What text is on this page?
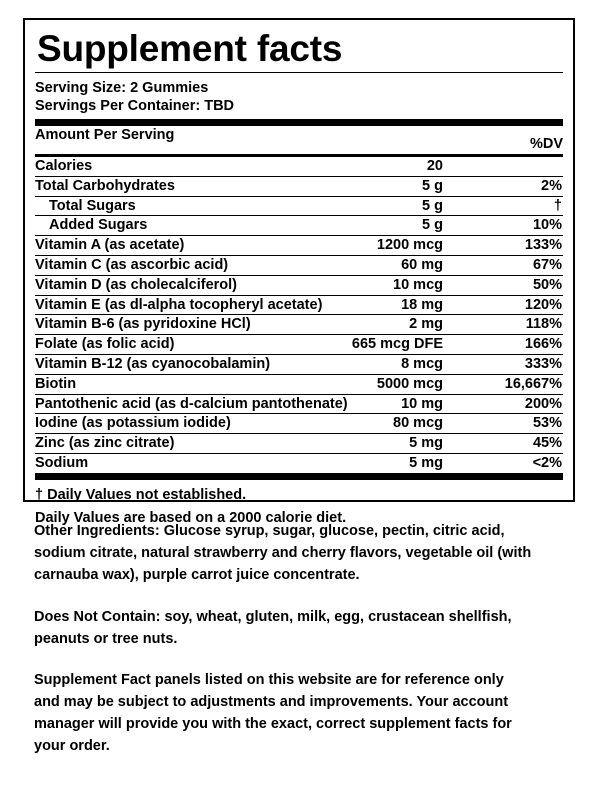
Supplement facts
Serving Size: 2 Gummies
Servings Per Container: TBD
Amount Per Serving
%DV
Calories	20
Total Carbohydrates	5 g	2%
Total Sugars	5 g	†
Added Sugars	5 g	10%
Vitamin A (as acetate)	1200 mcg	133%
Vitamin C (as ascorbic acid)	60 mg	67%
Vitamin D (as cholecalciferol)	10 mcg	50%
Vitamin E (as dl-alpha tocopheryl acetate)	18 mg	120%
Vitamin B-6 (as pyridoxine HCl)	2 mg	118%
Folate (as folic acid)	665 mcg DFE	166%
Vitamin B-12 (as cyanocobalamin)	8 mcg	333%
Biotin	5000 mcg	16,667%
Pantothenic acid (as d-calcium pantothenate)	10 mg	200%
Iodine (as potassium iodide)	80 mcg	53%
Zinc (as zinc citrate)	5 mg	45%
Sodium	5 mg	<2%
† Daily Values not established.
Daily Values are based on a 2000 calorie diet.

Other Ingredients: Glucose syrup, sugar, glucose, pectin, citric acid,

sodium citrate, natural strawberry and cherry flavors, vegetable oil (with

carnauba wax), purple carrot juice concentrate.

Does Not Contain: soy, wheat, gluten, milk, egg, crustacean shellfish,

peanuts or tree nuts.

Supplement Fact panels listed on this website are for reference only

and may be subject to adjustments and improvements. Your account

manager will provide you with the exact, correct supplement facts for

your order.
